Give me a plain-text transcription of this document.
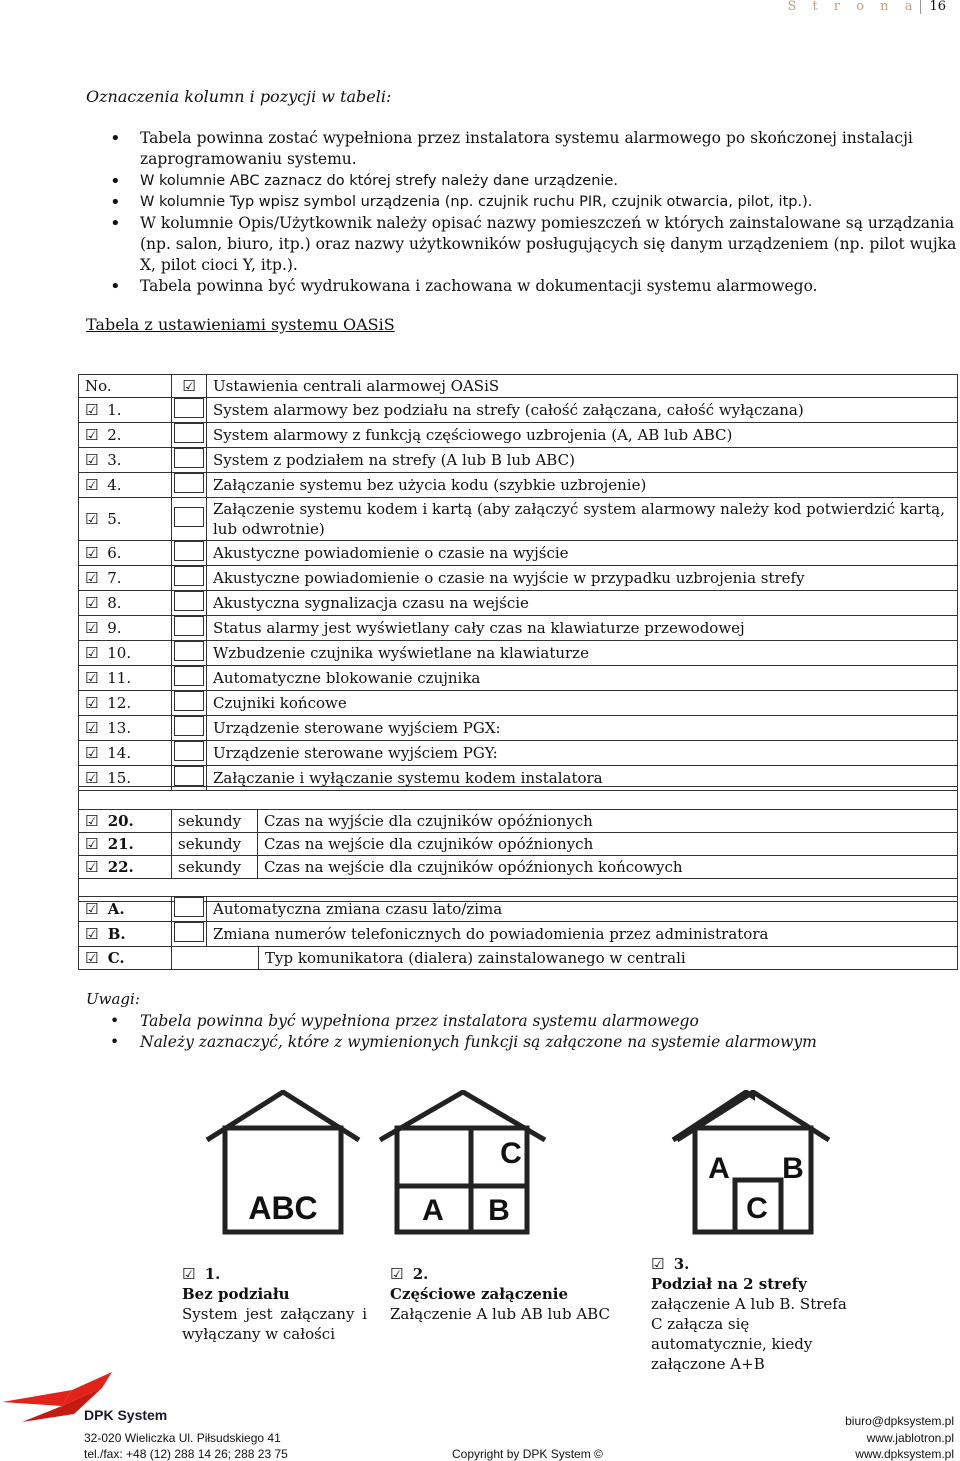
S t r o n a 16
Oznaczenia kolumn i pozycji w tabeli:
• Tabela powinna zostać wypełniona przez instalatora systemu alarmowego po skończonej instalacji zaprogramowaniu systemu.
• W kolumnie ABC zaznacz do której strefy należy dane urządzenie.
• W kolumnie Typ wpisz symbol urządzenia (np. czujnik ruchu PIR, czujnik otwarcia, pilot, itp.).
• W kolumnie Opis/Użytkownik należy opisać nazwy pomieszczeń w których zainstalowane są urządzania (np. salon, biuro, itp.) oraz nazwy użytkowników posługujących się danym urządzeniem (np. pilot wujka X, pilot cioci Y, itp.).
• Tabela powinna być wydrukowana i zachowana w dokumentacji systemu alarmowego.
Tabela z ustawieniami systemu OASiS
No.	☑	Ustawienia centrali alarmowej OASiS
☑ 1.		System alarmowy bez podziału na strefy (całość załączana, całość wyłączana)
☑ 2.		System alarmowy z funkcją częściowego uzbrojenia (A, AB lub ABC)
☑ 3.		System z podziałem na strefy (A lub B lub ABC)
☑ 4.		Załączanie systemu bez użycia kodu (szybkie uzbrojenie)
☑ 5.		Załączenie systemu kodem i kartą (aby załączyć system alarmowy należy kod potwierdzić kartą, lub odwrotnie)
☑ 6.		Akustyczne powiadomienie o czasie na wyjście
☑ 7.		Akustyczne powiadomienie o czasie na wyjście w przypadku uzbrojenia strefy
☑ 8.		Akustyczna sygnalizacja czasu na wejście
☑ 9.		Status alarmy jest wyświetlany cały czas na klawiaturze przewodowej
☑ 10.		Wzbudzenie czujnika wyświetlane na klawiaturze
☑ 11.		Automatyczne blokowanie czujnika
☑ 12.		Czujniki końcowe
☑ 13.		Urządzenie sterowane wyjściem PGX:
☑ 14.		Urządzenie sterowane wyjściem PGY:
☑ 15.		Załączanie i wyłączanie systemu kodem instalatora

☑ 20.	sekundy	Czas na wyjście dla czujników opóźnionych
☑ 21.	sekundy	Czas na wejście dla czujników opóźnionych
☑ 22.	sekundy	Czas na wejście dla czujników opóźnionych końcowych

☑ A.		Automatyczna zmiana czasu lato/zima	
☑ B.		Zmiana numerów telefonicznych do powiadomienia przez administratora	
☑ C.			Typ komunikatora (dialera) zainstalowanego w centrali
Uwagi:
• Tabela powinna być wypełniona przez instalatora systemu alarmowego
• Należy zaznaczyć, które z wymienionych funkcji są załączone na systemie alarmowym
ABC	A B
C	A B
C
☑ 1.
Bez podziału
System jest załączany i wyłączany w całości
☑ 2.
Częściowe załączenie
Załączenie A lub AB lub ABC
☑ 3.
Podział na 2 strefy
załączenie A lub B. Strefa C załącza się automatycznie, kiedy załączone A+B
DPK System
32-020 Wieliczka Ul. Piłsudskiego 41
tel./fax: +48 (12) 288 14 26; 288 23 75	Copyright by DPK System ©
biuro@dpksystem.pl
www.jablotron.pl
www.dpksystem.pl
